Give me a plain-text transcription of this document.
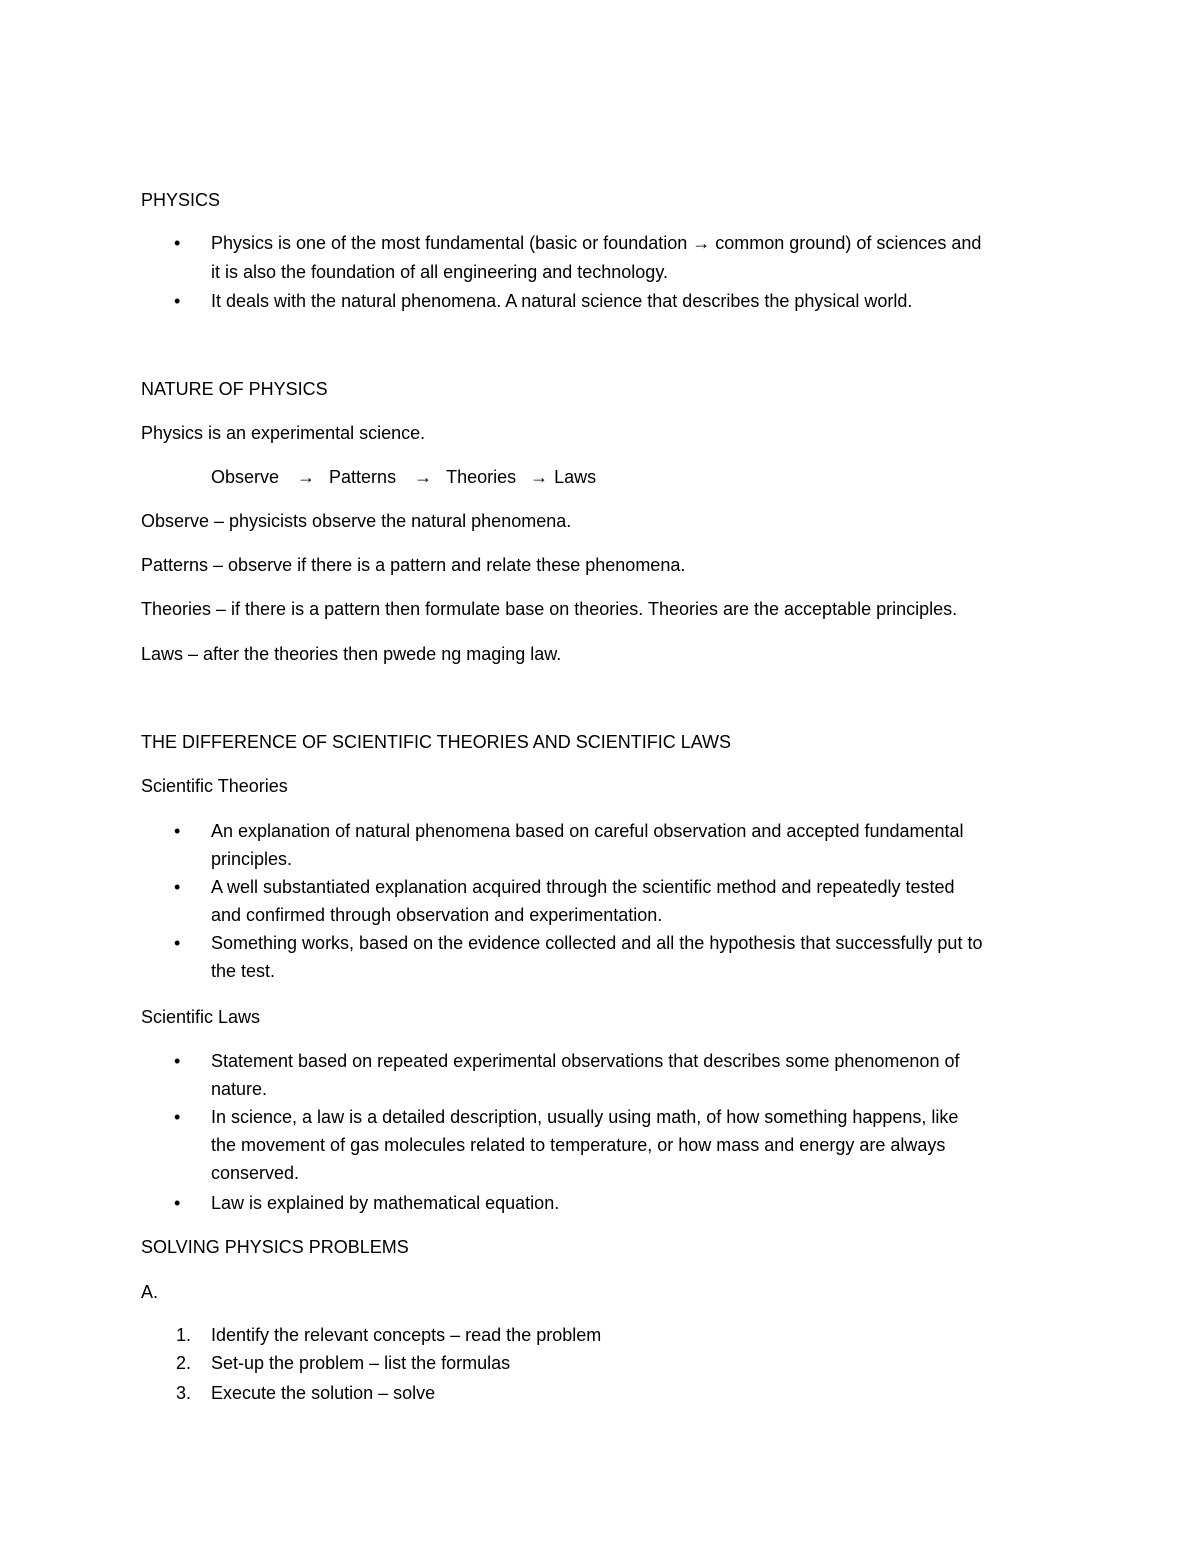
PHYSICS
• Physics is one of the most fundamental (basic or foundation → common ground) of sciences and
it is also the foundation of all engineering and technology.
• It deals with the natural phenomena. A natural science that describes the physical world.
NATURE OF PHYSICS
Physics is an experimental science.
Observe → Patterns → Theories → Laws
Observe – physicists observe the natural phenomena.
Patterns – observe if there is a pattern and relate these phenomena.
Theories – if there is a pattern then formulate base on theories. Theories are the acceptable principles.
Laws – after the theories then pwede ng maging law.
THE DIFFERENCE OF SCIENTIFIC THEORIES AND SCIENTIFIC LAWS
Scientific Theories
• An explanation of natural phenomena based on careful observation and accepted fundamental
principles.
• A well substantiated explanation acquired through the scientific method and repeatedly tested
and confirmed through observation and experimentation.
• Something works, based on the evidence collected and all the hypothesis that successfully put to
the test.
Scientific Laws
• Statement based on repeated experimental observations that describes some phenomenon of
nature.
• In science, a law is a detailed description, usually using math, of how something happens, like
the movement of gas molecules related to temperature, or how mass and energy are always
conserved.
• Law is explained by mathematical equation.
SOLVING PHYSICS PROBLEMS
A.
1. Identify the relevant concepts – read the problem
2. Set-up the problem – list the formulas
3. Execute the solution – solve
